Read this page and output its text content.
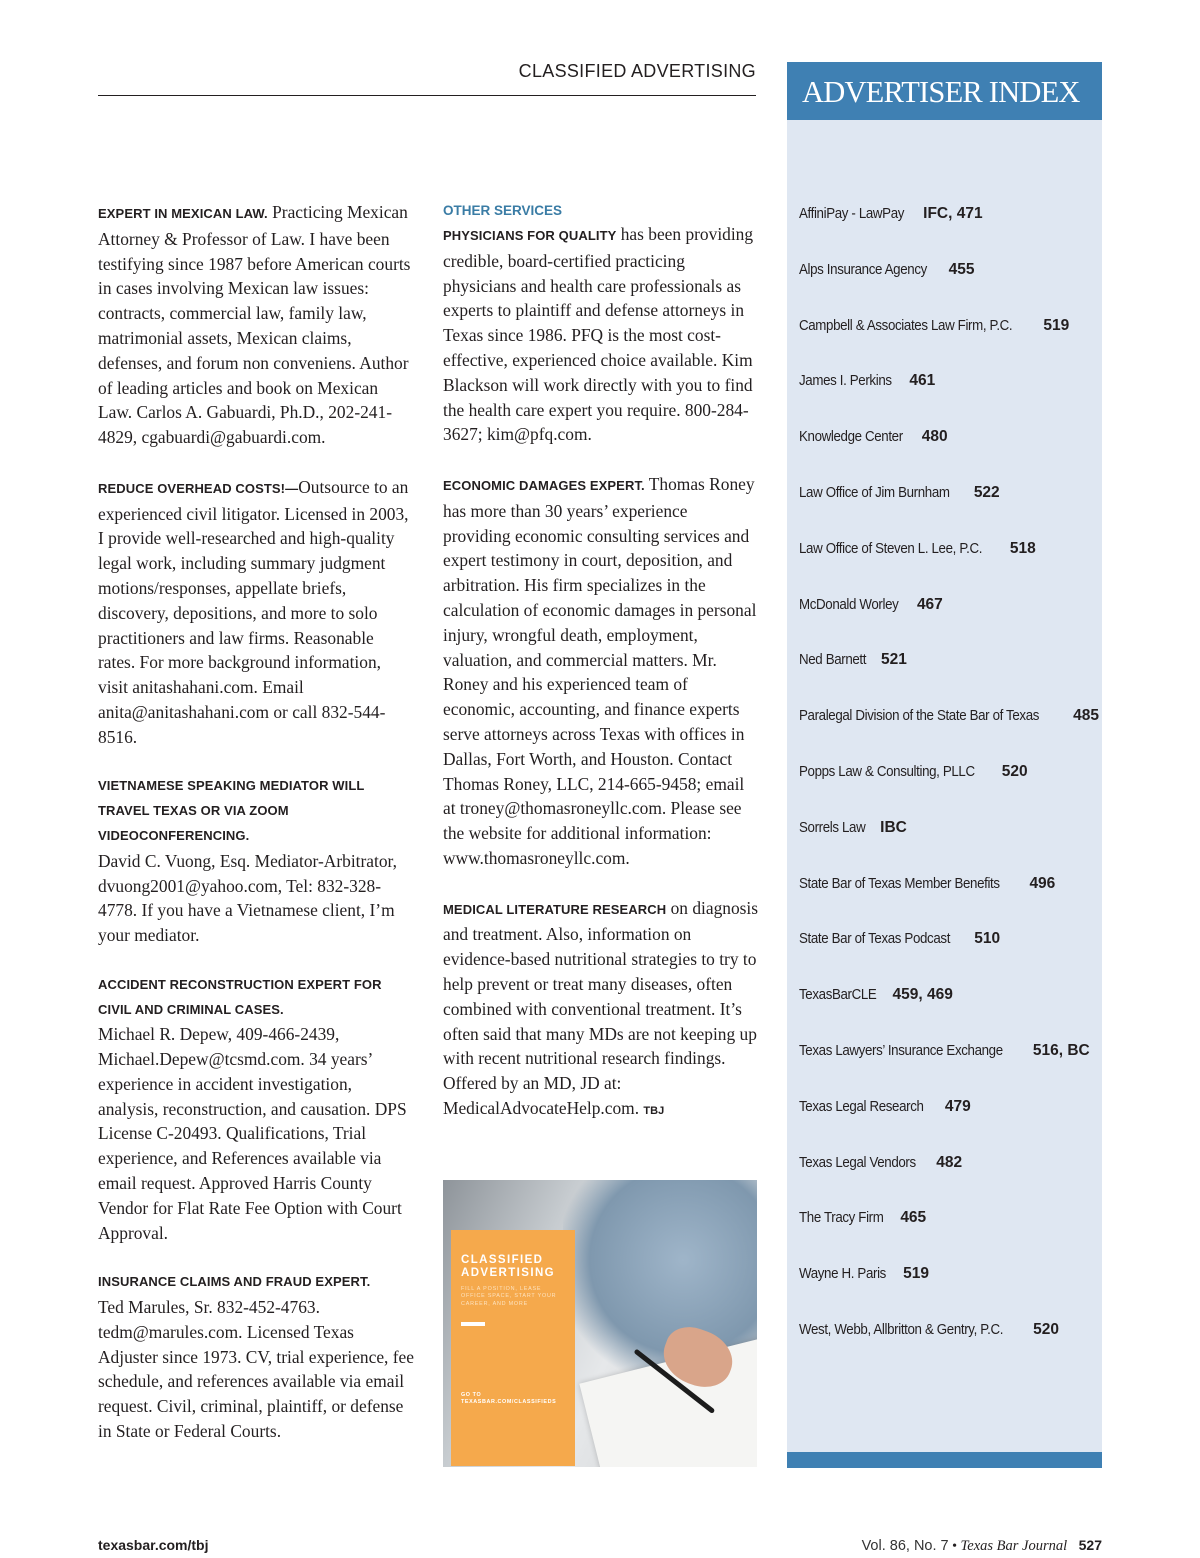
CLASSIFIED ADVERTISING

EXPERT IN MEXICAN LAW. Practicing Mexican Attorney & Professor of Law. I have been testifying since 1987 before American courts in cases involving Mexican law issues: contracts, commercial law, family law, matrimonial assets, Mexican claims, defenses, and forum non conveniens. Author of leading articles and book on Mexican Law. Carlos A. Gabuardi, Ph.D., 202-241-4829, cgabuardi@gabuardi.com.

REDUCE OVERHEAD COSTS!—Outsource to an experienced civil litigator. Licensed in 2003, I provide well-researched and high-quality legal work, including summary judgment motions/responses, appellate briefs, discovery, depositions, and more to solo practitioners and law firms. Reasonable rates. For more background information, visit anitashahani.com. Email anita@anitashahani.com or call 832-544-8516.

VIETNAMESE SPEAKING MEDIATOR WILL TRAVEL TEXAS OR VIA ZOOM VIDEOCONFERENCING.
David C. Vuong, Esq. Mediator-Arbitrator, dvuong2001@yahoo.com, Tel: 832-328-4778. If you have a Vietnamese client, I’m your mediator.

ACCIDENT RECONSTRUCTION EXPERT FOR CIVIL AND CRIMINAL CASES.
Michael R. Depew, 409-466-2439, Michael.Depew@tcsmd.com. 34 years’ experience in accident investigation, analysis, reconstruction, and causation. DPS License C-20493. Qualifications, Trial experience, and References available via email request. Approved Harris County Vendor for Flat Rate Fee Option with Court Approval.

INSURANCE CLAIMS AND FRAUD EXPERT.
Ted Marules, Sr. 832-452-4763. tedm@marules.com. Licensed Texas Adjuster since 1973. CV, trial experience, fee schedule, and references available via email request. Civil, criminal, plaintiff, or defense in State or Federal Courts.

OTHER SERVICES

PHYSICIANS FOR QUALITY has been providing credible, board-certified practicing physicians and health care professionals as experts to plaintiff and defense attorneys in Texas since 1986. PFQ is the most cost-effective, experienced choice available. Kim Blackson will work directly with you to find the health care expert you require. 800-284-3627; kim@pfq.com.

ECONOMIC DAMAGES EXPERT. Thomas Roney has more than 30 years’ experience providing economic consulting services and expert testimony in court, deposition, and arbitration. His firm specializes in the calculation of economic damages in personal injury, wrongful death, employment, valuation, and commercial matters. Mr. Roney and his experienced team of economic, accounting, and finance experts serve attorneys across Texas with offices in Dallas, Fort Worth, and Houston. Contact Thomas Roney, LLC, 214-665-9458; email at troney@thomasroneyllc.com. Please see the website for additional information: www.thomasroneyllc.com.

MEDICAL LITERATURE RESEARCH on diagnosis and treatment. Also, information on evidence-based nutritional strategies to try to help prevent or treat many diseases, often combined with conventional treatment. It’s often said that many MDs are not keeping up with recent nutritional research findings. Offered by an MD, JD at: MedicalAdvocateHelp.com. TBJ

CLASSIFIED
ADVERTISING
FILL A POSITION, LEASE OFFICE SPACE, START YOUR CAREER, AND MORE
GO TO
TEXASBAR.COM/CLASSIFIEDS
ADVERTISER INDEX
AffiniPay - LawPay IFC, 471
Alps Insurance Agency 455
Campbell & Associates Law Firm, P.C. 519
James I. Perkins 461
Knowledge Center 480
Law Office of Jim Burnham 522
Law Office of Steven L. Lee, P.C. 518
McDonald Worley 467
Ned Barnett 521
Paralegal Division of the State Bar of Texas 485
Popps Law & Consulting, PLLC 520
Sorrels Law IBC
State Bar of Texas Member Benefits 496
State Bar of Texas Podcast 510
TexasBarCLE 459, 469
Texas Lawyers’ Insurance Exchange 516, BC
Texas Legal Research 479
Texas Legal Vendors 482
The Tracy Firm 465
Wayne H. Paris 519
West, Webb, Allbritton & Gentry, P.C. 520
texasbar.com/tbj	Vol. 86, No. 7 • Texas Bar Journal 527
